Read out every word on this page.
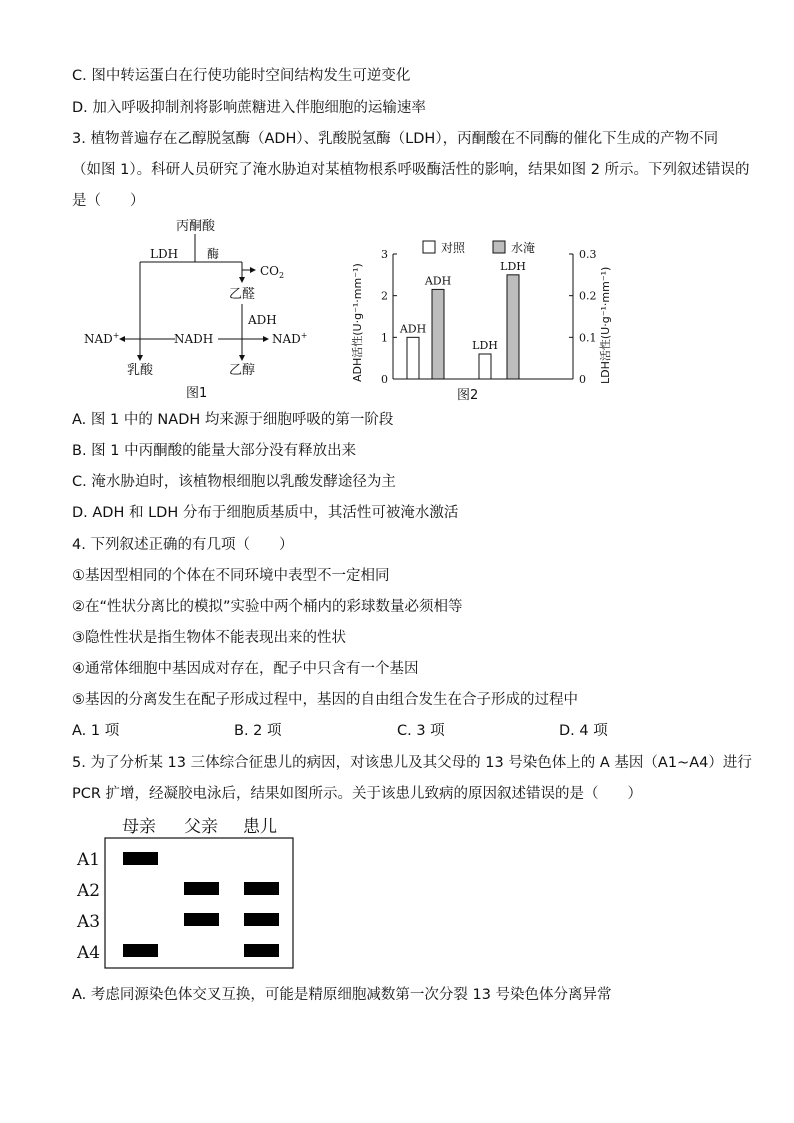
C. 图中转运蛋白在行使功能时空间结构发生可逆变化
D. 加入呼吸抑制剂将影响蔗糖进入伴胞细胞的运输速率
3. 植物普遍存在乙醇脱氢酶（ADH）、乳酸脱氢酶（LDH），丙酮酸在不同酶的催化下生成的产物不同
（如图 1）。科研人员研究了淹水胁迫对某植物根系呼吸酶活性的影响，结果如图 2 所示。下列叙述错误的
是（　　）
丙酮酸
LDH 酶
$CO_2$
乙醛
ADH
NAD+	NADH	NAD+
乳酸	乙醇
图1
对照	水淹
ADH活性(U·g⁻¹·mm⁻¹)	LDH活性(U·g⁻¹·mm⁻¹)
0
1
2
3
0
0.1
0.2
0.3
ADH
ADH
LDH
LDH
图2
A. 图 1 中的 NADH 均来源于细胞呼吸的第一阶段
B. 图 1 中丙酮酸的能量大部分没有释放出来
C. 淹水胁迫时，该植物根细胞以乳酸发酵途径为主
D. ADH 和 LDH 分布于细胞质基质中，其活性可被淹水激活
4. 下列叙述正确的有几项（　　）
①基因型相同的个体在不同环境中表型不一定相同
②在“性状分离比的模拟”实验中两个桶内的彩球数量必须相等
③隐性性状是指生物体不能表现出来的性状
④通常体细胞中基因成对存在，配子中只含有一个基因
⑤基因的分离发生在配子形成过程中，基因的自由组合发生在合子形成的过程中
A. 1 项	B. 2 项	C. 3 项	D. 4 项
5. 为了分析某 13 三体综合征患儿的病因，对该患儿及其父母的 13 号染色体上的 A 基因（A1~A4）进行
PCR 扩增，经凝胶电泳后，结果如图所示。关于该患儿致病的原因叙述错误的是（　　）
母亲 父亲 患儿
A1
A2
A3
A4
A. 考虑同源染色体交叉互换，可能是精原细胞减数第一次分裂 13 号染色体分离异常
